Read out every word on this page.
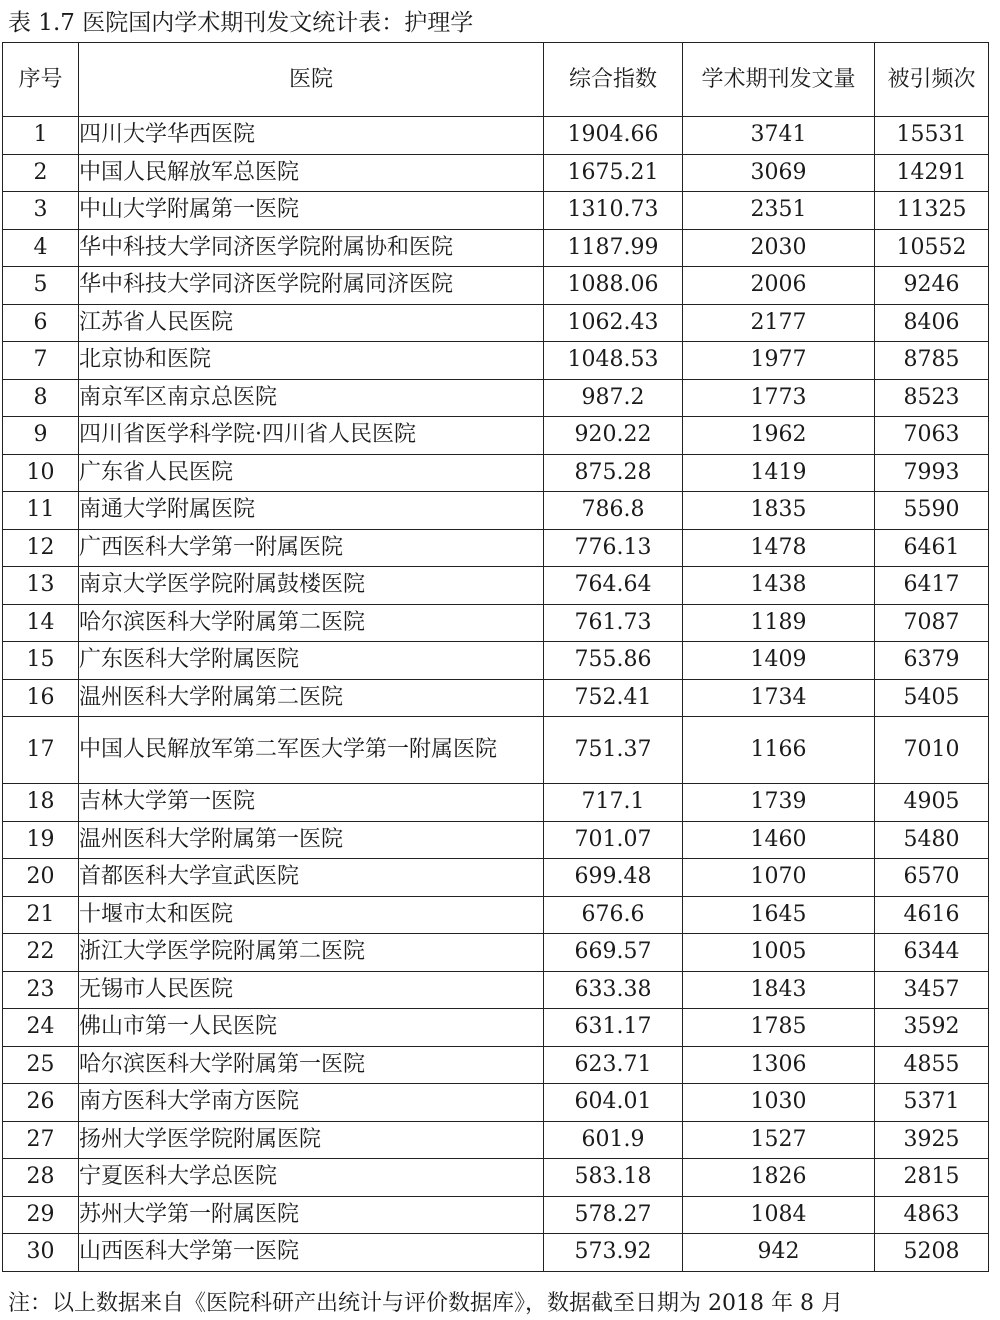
表 1.7 医院国内学术期刊发文统计表：护理学
序号	医院	综合指数	学术期刊发文量	被引频次
1	四川大学华西医院	1904.66	3741	15531
2	中国人民解放军总医院	1675.21	3069	14291
3	中山大学附属第一医院	1310.73	2351	11325
4	华中科技大学同济医学院附属协和医院	1187.99	2030	10552
5	华中科技大学同济医学院附属同济医院	1088.06	2006	9246
6	江苏省人民医院	1062.43	2177	8406
7	北京协和医院	1048.53	1977	8785
8	南京军区南京总医院	987.2	1773	8523
9	四川省医学科学院·四川省人民医院	920.22	1962	7063
10	广东省人民医院	875.28	1419	7993
11	南通大学附属医院	786.8	1835	5590
12	广西医科大学第一附属医院	776.13	1478	6461
13	南京大学医学院附属鼓楼医院	764.64	1438	6417
14	哈尔滨医科大学附属第二医院	761.73	1189	7087
15	广东医科大学附属医院	755.86	1409	6379
16	温州医科大学附属第二医院	752.41	1734	5405
17	中国人民解放军第二军医大学第一附属医院	751.37	1166	7010
18	吉林大学第一医院	717.1	1739	4905
19	温州医科大学附属第一医院	701.07	1460	5480
20	首都医科大学宣武医院	699.48	1070	6570
21	十堰市太和医院	676.6	1645	4616
22	浙江大学医学院附属第二医院	669.57	1005	6344
23	无锡市人民医院	633.38	1843	3457
24	佛山市第一人民医院	631.17	1785	3592
25	哈尔滨医科大学附属第一医院	623.71	1306	4855
26	南方医科大学南方医院	604.01	1030	5371
27	扬州大学医学院附属医院	601.9	1527	3925
28	宁夏医科大学总医院	583.18	1826	2815
29	苏州大学第一附属医院	578.27	1084	4863
30	山西医科大学第一医院	573.92	942	5208
注：以上数据来自《医院科研产出统计与评价数据库》，数据截至日期为 2018 年 8 月
